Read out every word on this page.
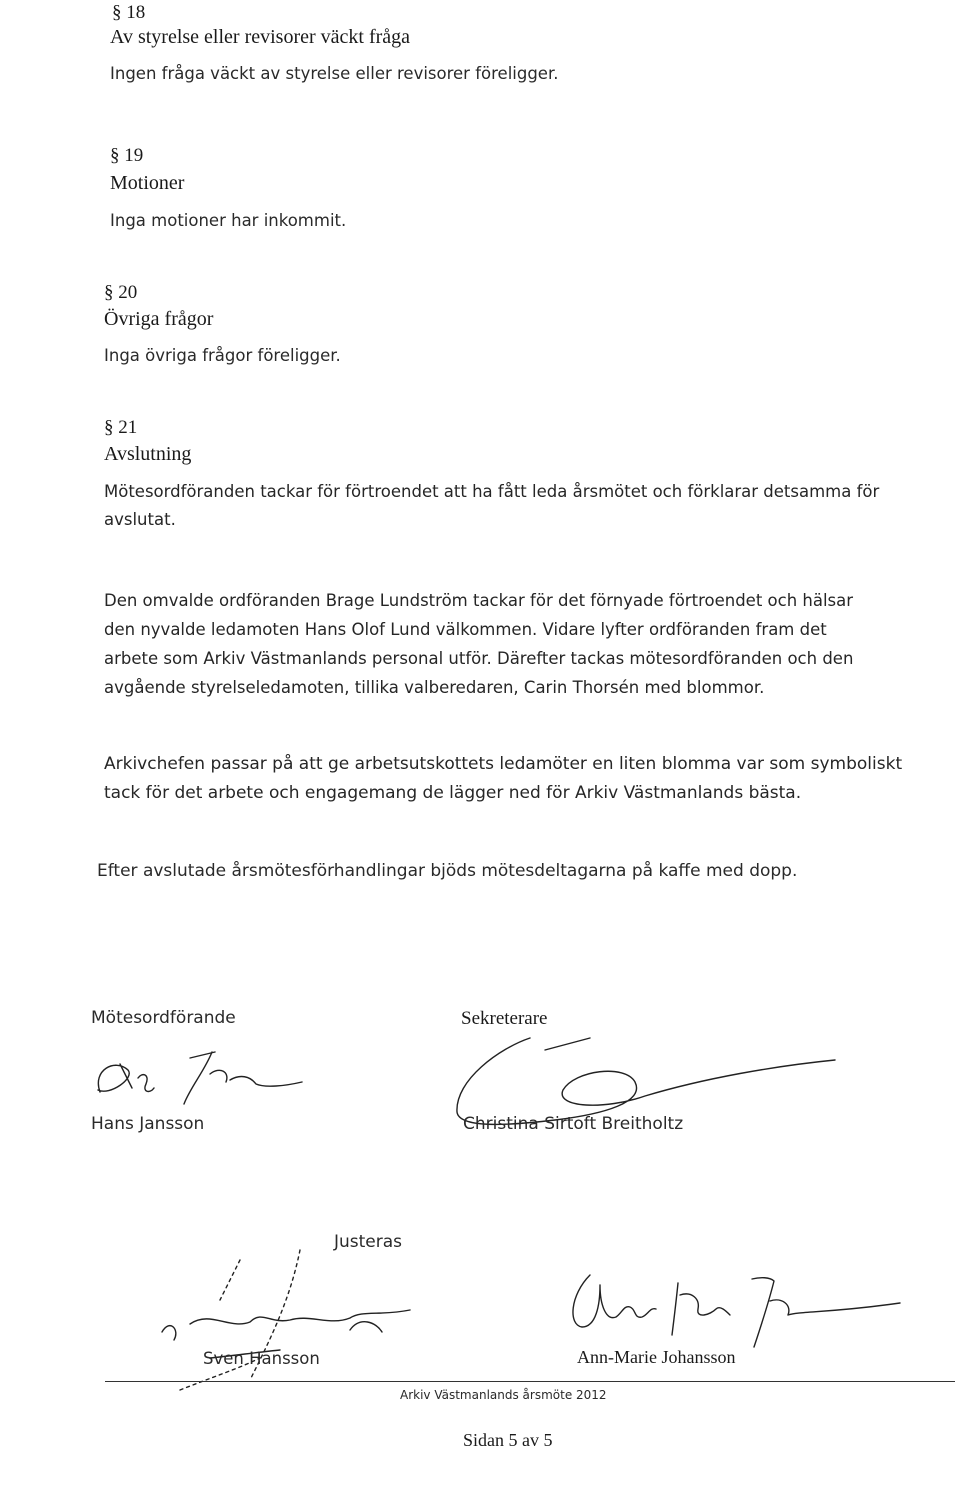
§ 18
Av styrelse eller revisorer väckt fråga
Ingen fråga väckt av styrelse eller revisorer föreligger.
§ 19
Motioner
Inga motioner har inkommit.
§ 20
Övriga frågor
Inga övriga frågor föreligger.
§ 21
Avslutning
Mötesordföranden tackar för förtroendet att ha fått leda årsmötet och förklarar detsamma för
avslutat.
Den omvalde ordföranden Brage Lundström tackar för det förnyade förtroendet och hälsar
den nyvalde ledamoten Hans Olof Lund välkommen. Vidare lyfter ordföranden fram det
arbete som Arkiv Västmanlands personal utför. Därefter tackas mötesordföranden och den
avgående styrelseledamoten, tillika valberedaren, Carin Thorsén med blommor.
Arkivchefen passar på att ge arbetsutskottets ledamöter en liten blomma var som symboliskt
tack för det arbete och engagemang de lägger ned för Arkiv Västmanlands bästa.
Efter avslutade årsmötesförhandlingar bjöds mötesdeltagarna på kaffe med dopp.
Mötesordförande
Hans Jansson
Sekreterare
Christina Sirtoft Breitholtz
Justeras
Sven Hansson	Ann-Marie Johansson
Arkiv Västmanlands årsmöte 2012
Sidan 5 av 5
